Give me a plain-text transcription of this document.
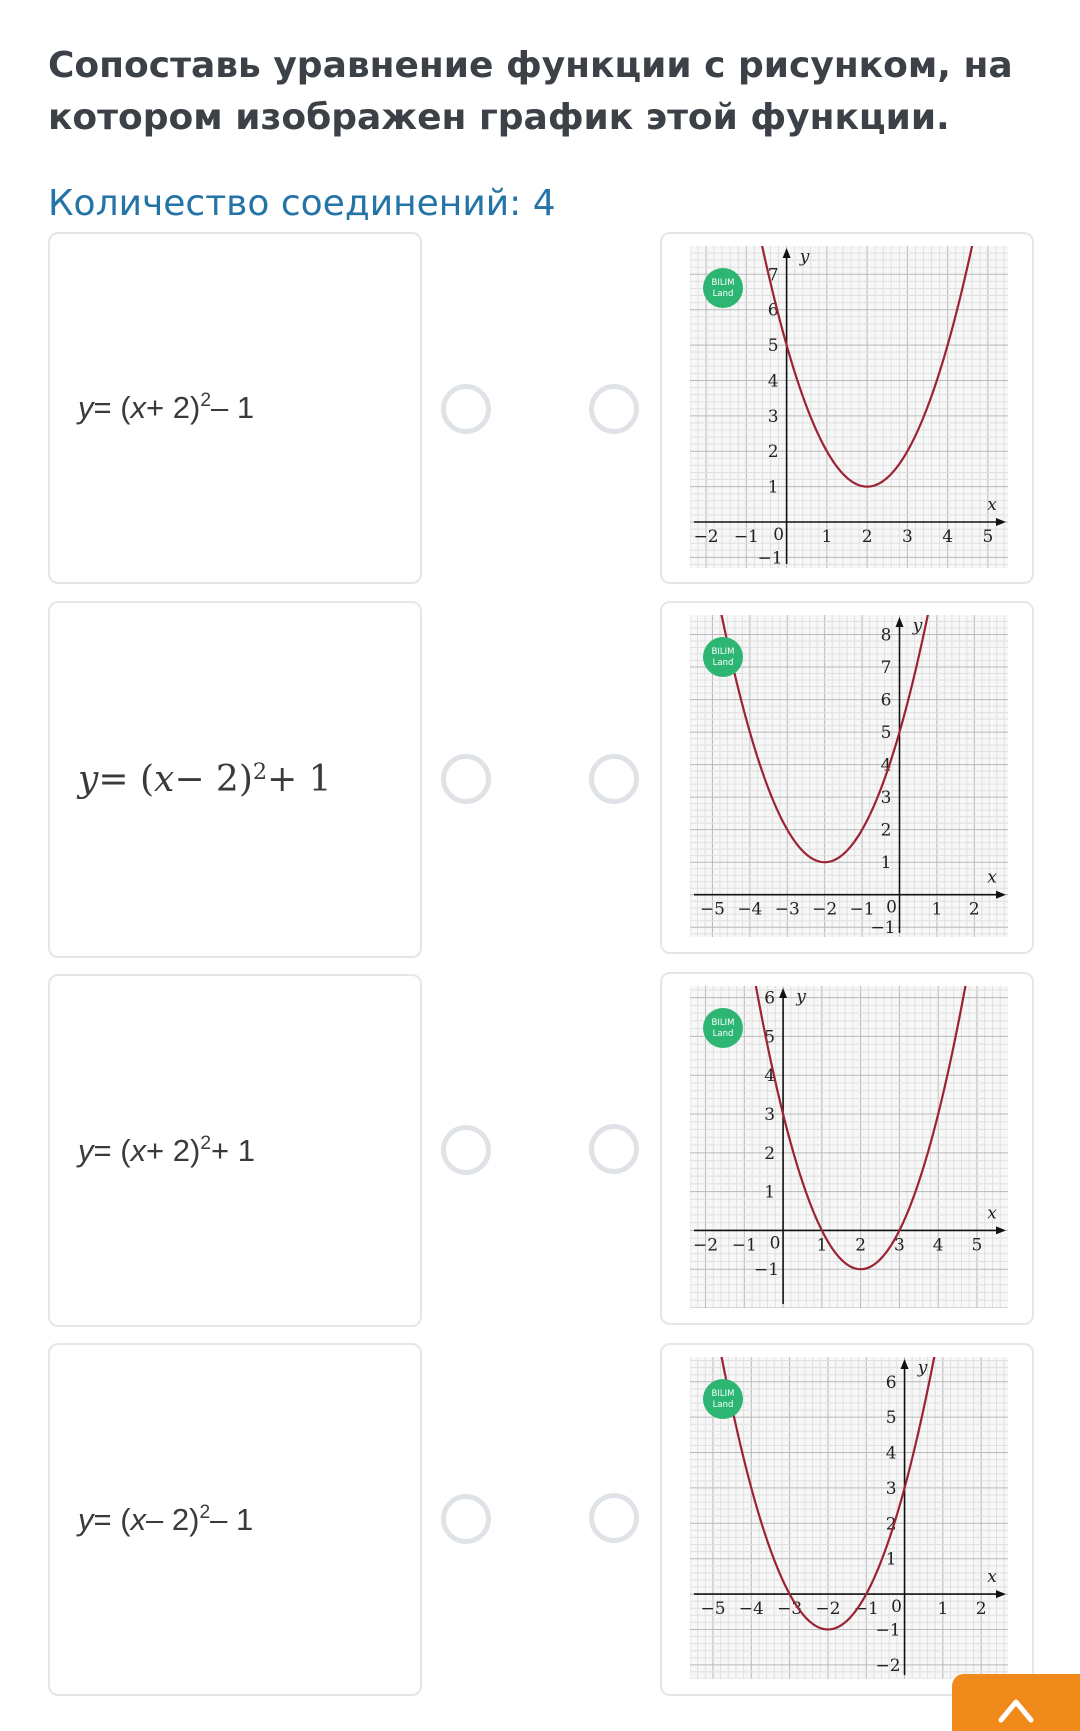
Сопоставь уравнение функции с рисунком, на котором изображен график этой функции.
Количество соединений: 4
y = ( x + 2) $^2$ – 1
x
y
−2 −1	1 2 3 4 5
0
1
2
3
4
5
6
7
−1
BILIM
Land
y = ( x − 2)$^2$ + 1
x
y
−5 −4 −3 −2 −1	1 2
0
1
2
3
4
5
6
7
8
−1
BILIM
Land
y = ( x + 2)$^2$ + 1
x
y
−2 −1	1 2 3 4 5
0
1
2
3
4
5
6
−1
BILIM
Land
y = ( x – 2)$^2$ – 1
x
y
−5 −4 −3 −2 −1	1 2
0
1
2
3
4
5
6
−1
−2
BILIM
Land
